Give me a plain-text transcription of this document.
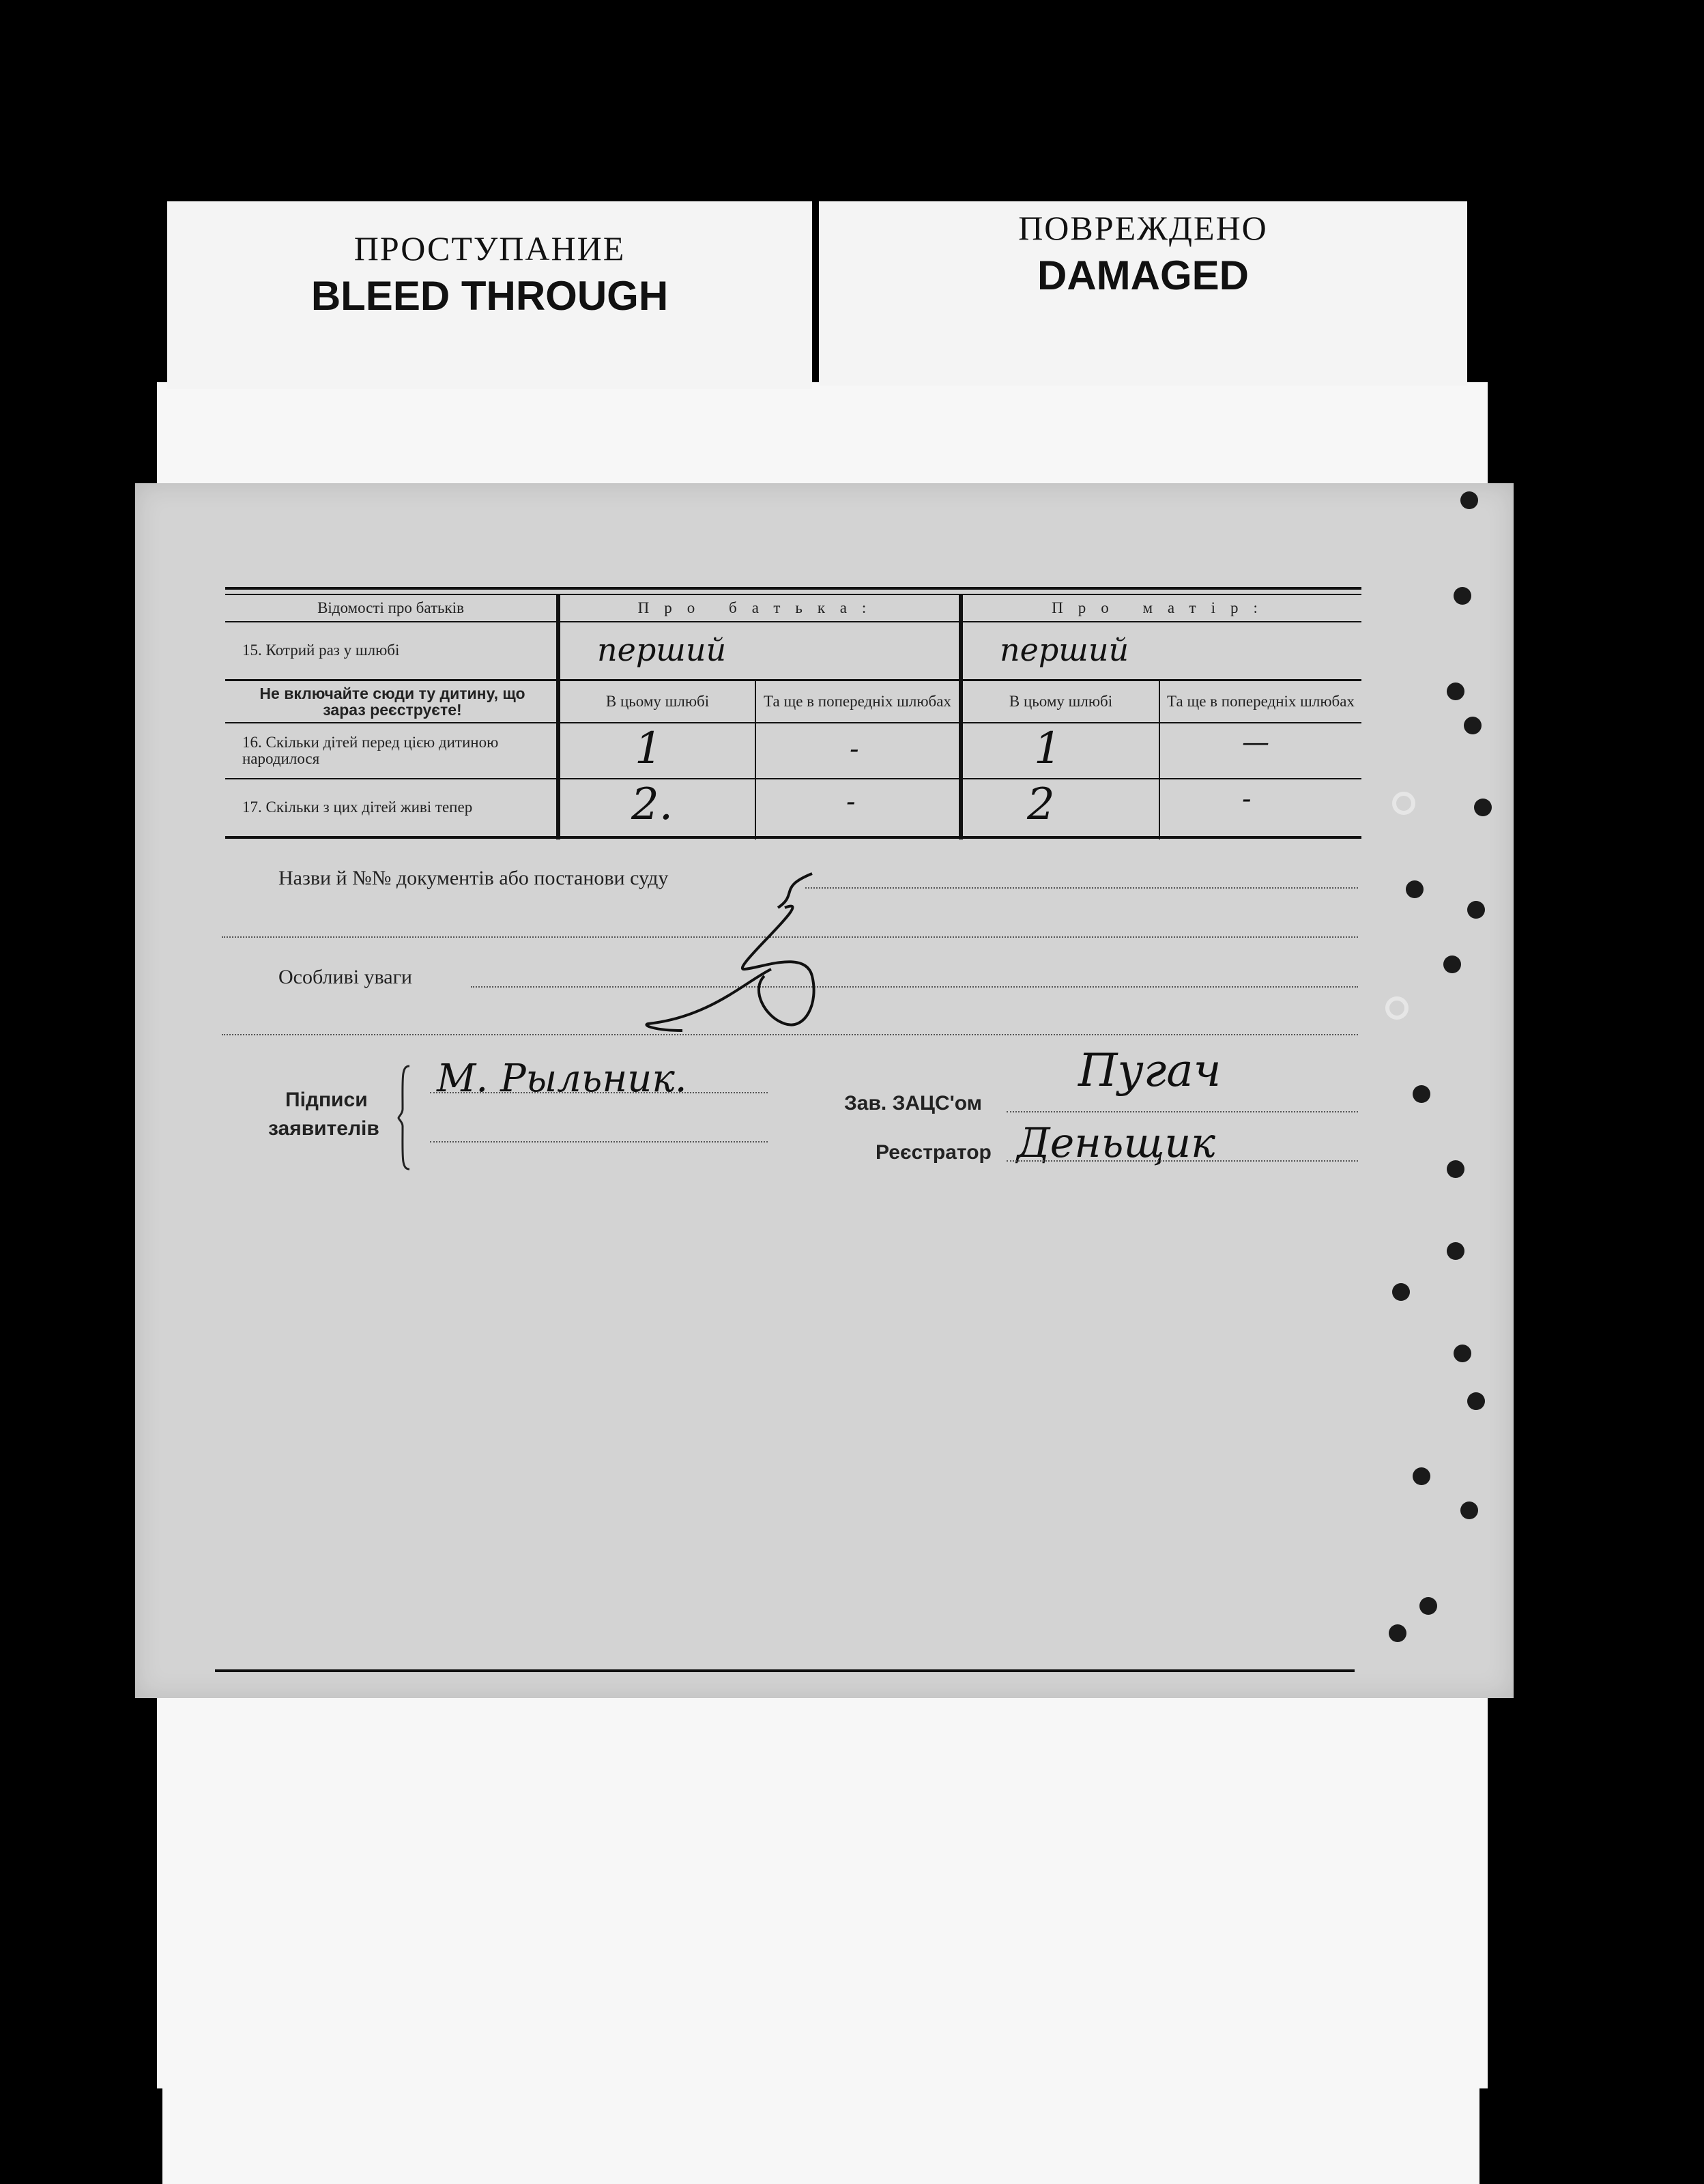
ПРОСТУПАНИЕ
BLEED THROUGH
ПОВРЕЖДЕНО
DAMAGED
Відомості про батьків	Про батька:	Про матір:
15. Котрий раз у шлюбі	перший	перший
Не включайте сюди ту дитину, що зараз реєструєте!	В цьому шлюбі	Та ще в попередніх шлюбах	В цьому шлюбі	Та ще в попередніх шлюбах
16. Скільки дітей перед цією дитиною народилося	1	-	1	—
17. Скільки з цих дітей живі тепер	2.	-	2	-
Назви й №№ документів або постанови суду
Особливі уваги
Підписи
заявителів
М. Рыльник.
Зав. ЗАЦС'ом
Пугач
Реєстратор Деньщик
